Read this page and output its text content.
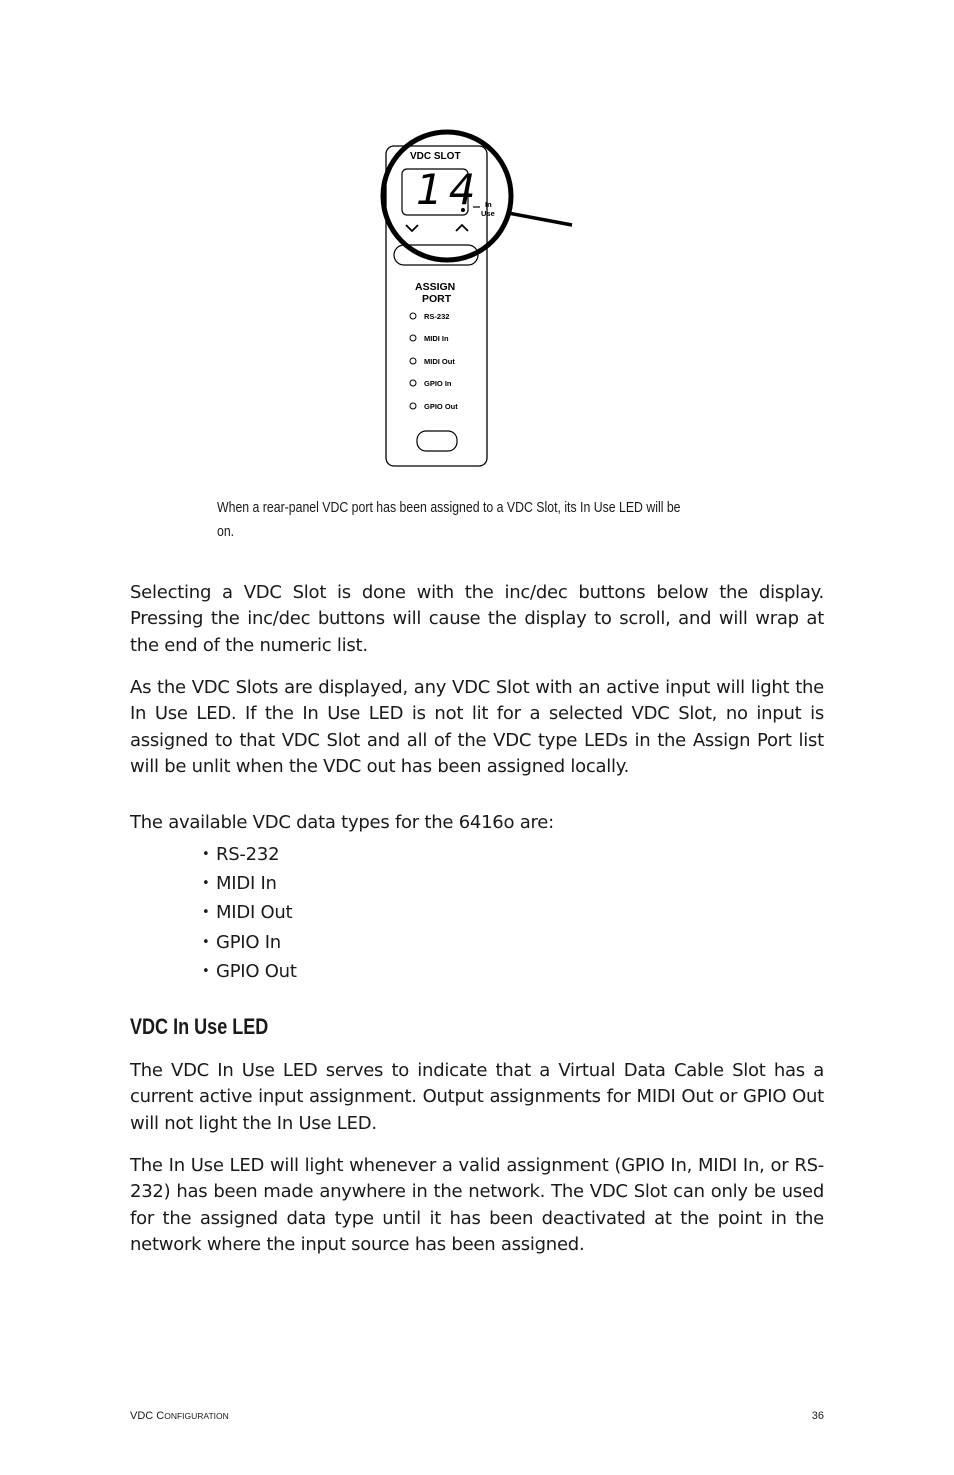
VDC SLOT
14 In
Use
ASSIGN
PORT
RS-232
MIDI In
MIDI Out
GPIO In
GPIO Out
When a rear-panel VDC port has been assigned to a VDC Slot, its In Use LED will be on.

Selecting a VDC Slot is done with the inc/dec buttons below the display. Pressing the inc/dec buttons will cause the display to scroll, and will wrap at the end of the numeric list.

As the VDC Slots are displayed, any VDC Slot with an active input will light the In Use LED. If the In Use LED is not lit for a selected VDC Slot, no input is assigned to that VDC Slot and all of the VDC type LEDs in the Assign Port list will be unlit when the VDC out has been assigned locally.

The available VDC data types for the 6416o are:

• RS-232
• MIDI In
• MIDI Out
• GPIO In
• GPIO Out
VDC In Use LED

The VDC In Use LED serves to indicate that a Virtual Data Cable Slot has a current active input assignment. Output assignments for MIDI Out or GPIO Out will not light the In Use LED.

The In Use LED will light whenever a valid assignment (GPIO In, MIDI In, or RS-232) has been made anywhere in the network. The VDC Slot can only be used for the assigned data type until it has been deactivated at the point in the network where the input source has been assigned.

VDC CONFIGURATION	36
